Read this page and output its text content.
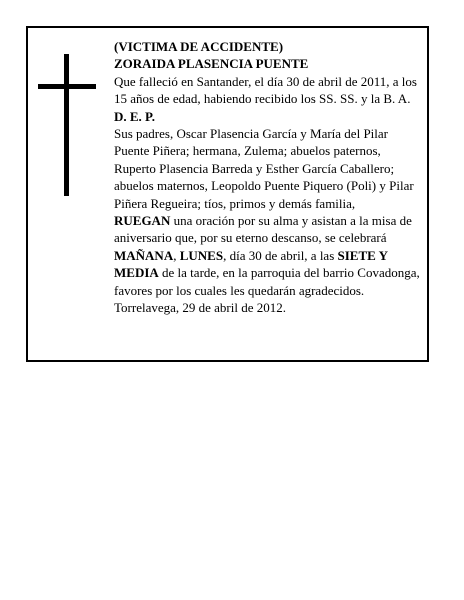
(VICTIMA DE ACCIDENTE)

ZORAIDA PLASENCIA PUENTE

Que falleció en Santander, el día 30 de abril de 2011, a los 15 años de edad, habiendo recibido los SS. SS. y la B. A.

D. E. P.

Sus padres, Oscar Plasencia García y María del Pilar Puente Piñera; hermana, Zulema; abuelos paternos, Ruperto Plasencia Barreda y Esther García Caballero; abuelos maternos, Leopoldo Puente Piquero (Poli) y Pilar Piñera Regueira; tíos, primos y demás familia,

RUEGAN una oración por su alma y asistan a la misa de aniversario que, por su eterno descanso, se celebrará MAÑANA, LUNES, día 30 de abril, a las SIETE Y MEDIA de la tarde, en la parroquia del barrio Covadonga, favores por los cuales les quedarán agradecidos.

Torrelavega, 29 de abril de 2012.
